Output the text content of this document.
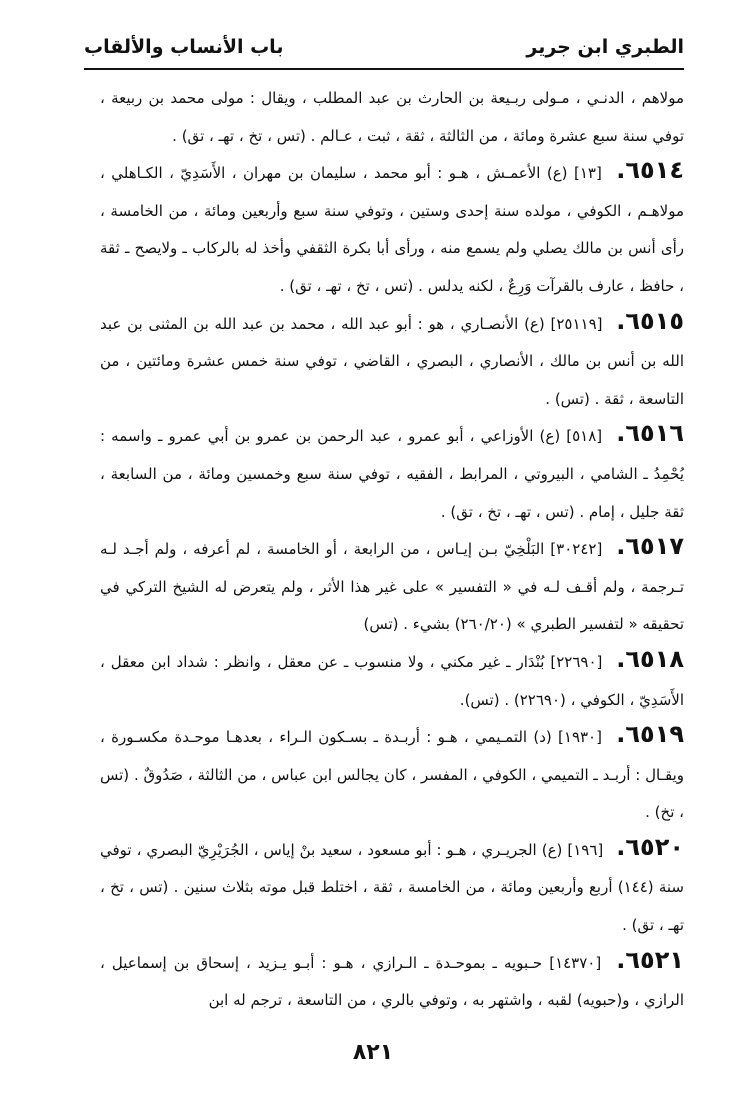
الطبري ابن جرير
باب الأنساب والألقاب

مولاهم ، الدنـي ، مـولى ربـيعة بن الحارث بن عبد المطلب ، ويقال : مولى محمد بن ربيعة ، توفي سنة سبع عشرة ومائة ، من الثالثة ، ثقة ، ثبت ، عـالم . (تس ، تخ ، تهـ ، تق) .

٦٥١٤. [١٣] (ع) الأعمـش ، هـو : أبو محمد ، سليمان بن مهران ، الأَسَدِيّ ، الكـاهلي ، مولاهـم ، الكوفي ، مولده سنة إحدى وستين ، وتوفي سنة سبع وأربعين ومائة ، من الخامسة ، رأى أنس بن مالك يصلي ولم يسمع منه ، ورأى أبا بكرة الثقفي وأخذ له بالركاب ـ ولايصح ـ ثقة ، حافظ ، عارف بالقرآت وَرِعٌ ، لكنه يدلس . (تس ، تخ ، تهـ ، تق) .

٦٥١٥. [٢٥١١٩] (ع) الأنصـاري ، هو : أبو عبد الله ، محمد بن عبد الله بن المثنى بن عبد الله بن أنس بن مالك ، الأنصاري ، البصري ، القاضي ، توفي سنة خمس عشرة ومائتين ، من التاسعة ، ثقة . (تس) .

٦٥١٦. [٥١٨] (ع) الأوزاعي ، أبو عمرو ، عبد الرحمن بن عمرو بن أبي عمرو ـ واسمه : يُحْمِدُ ـ الشامي ، البيروتي ، المرابط ، الفقيه ، توفي سنة سبع وخمسين ومائة ، من السابعة ، ثقة جليل ، إمام . (تس ، تهـ ، تخ ، تق) .

٦٥١٧. [٣٠٢٤٢] البَلْخِيّ بـن إيـاس ، من الرابعة ، أو الخامسة ، لم أعرفه ، ولم أجـد لـه تـرجمة ، ولم أقـف لـه في « التفسير » على غير هذا الأثر ، ولم يتعرض له الشيخ التركي في تحقيقه « لتفسير الطبري » (٢٦٠/٢٠) بشيء . (تس)

٦٥١٨. [٢٢٦٩٠] بُنْدَار ـ غير مكني ، ولا منسوب ـ عن معقل ، وانظر : شداد ابن معقل ، الأَسَدِيّ ، الكوفي ، (٢٢٦٩٠) . (تس).

٦٥١٩. [١٩٣٠] (د) التمـيمي ، هـو : أربـدة ـ بسـكون الـراء ، بعدهـا موحـدة مكسـورة ، ويقـال : أربـد ـ التميمي ، الكوفي ، المفسر ، كان يجالس ابن عباس ، من الثالثة ، صَدُوقٌ . (تس ، تخ) .

٦٥٢٠. [١٩٦] (ع) الجريـري ، هـو : أبو مسعود ، سعيد بنْ إياس ، الجُرَيْرِيّ البصري ، توفي سنة (١٤٤) أربع وأربعين ومائة ، من الخامسة ، ثقة ، اختلط قبل موته بثلاث سنين . (تس ، تخ ، تهـ ، تق) .

٦٥٢١. [١٤٣٧٠] حـبويه ـ بموحـدة ـ الـرازي ، هـو : أبـو يـزيد ، إسحاق بن إسماعيل ، الرازي ، و(حبويه) لقبه ، واشتهر به ، وتوفي بالري ، من التاسعة ، ترجم له ابن

٨٢١
